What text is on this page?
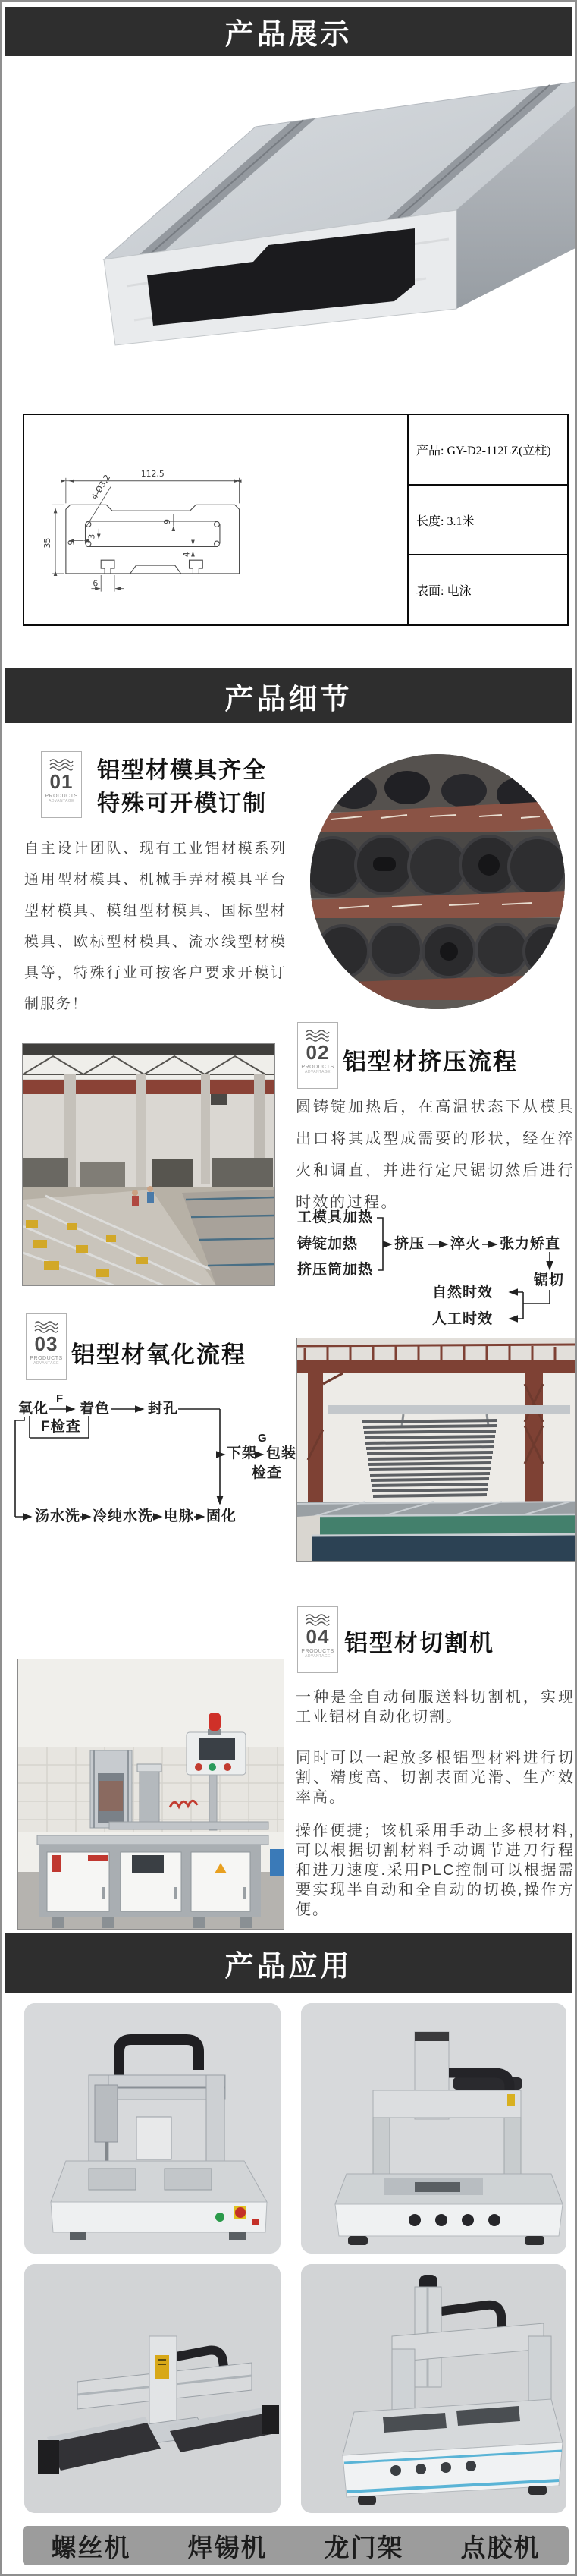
产品展示
112,5
35
4-Ø3,2
9
9
3
4
6
产品: GY-D2-112LZ(立柱)
长度: 3.1米
表面: 电泳
产品细节
01
PRODUCTS
ADVANTAGE
铝型材模具齐全
特殊可开模订制
自主设计团队、现有工业铝材模系列通用型材模具、机械手弄材模具平台型材模具、模组型材模具、国标型材模具、欧标型材模具、流水线型材模具等，特殊行业可按客户要求开模订制服务！
02
PRODUCTS
ADVANTAGE 铝型材挤压流程
圆铸锭加热后，在高温状态下从模具出口将其成型成需要的形状，经在淬火和调直，并进行定尺锯切然后进行时效的过程。
工模具加热
铸锭加热
挤压筒加热
挤压 淬火 张力矫直
锯切
自然时效
人工时效
03
PRODUCTS
ADVANTAGE 铝型材氧化流程
氧化
F
着色	封孔
F检查
G
下架 包装
检查
汤水洗 冷纯水洗 电脉 固化
04
PRODUCTS
ADVANTAGE 铝型材切割机
一种是全自动伺服送料切割机，实现工业铝材自动化切割。
同时可以一起放多根铝型材料进行切割、精度高、切割表面光滑、生产效率高。
操作便捷；该机采用手动上多根材料,可以根据切割材料手动调节进刀行程和进刀速度.采用PLC控制可以根据需要实现半自动和全自动的切换,操作方便。
产品应用
螺丝机	焊锡机	龙门架	点胶机
